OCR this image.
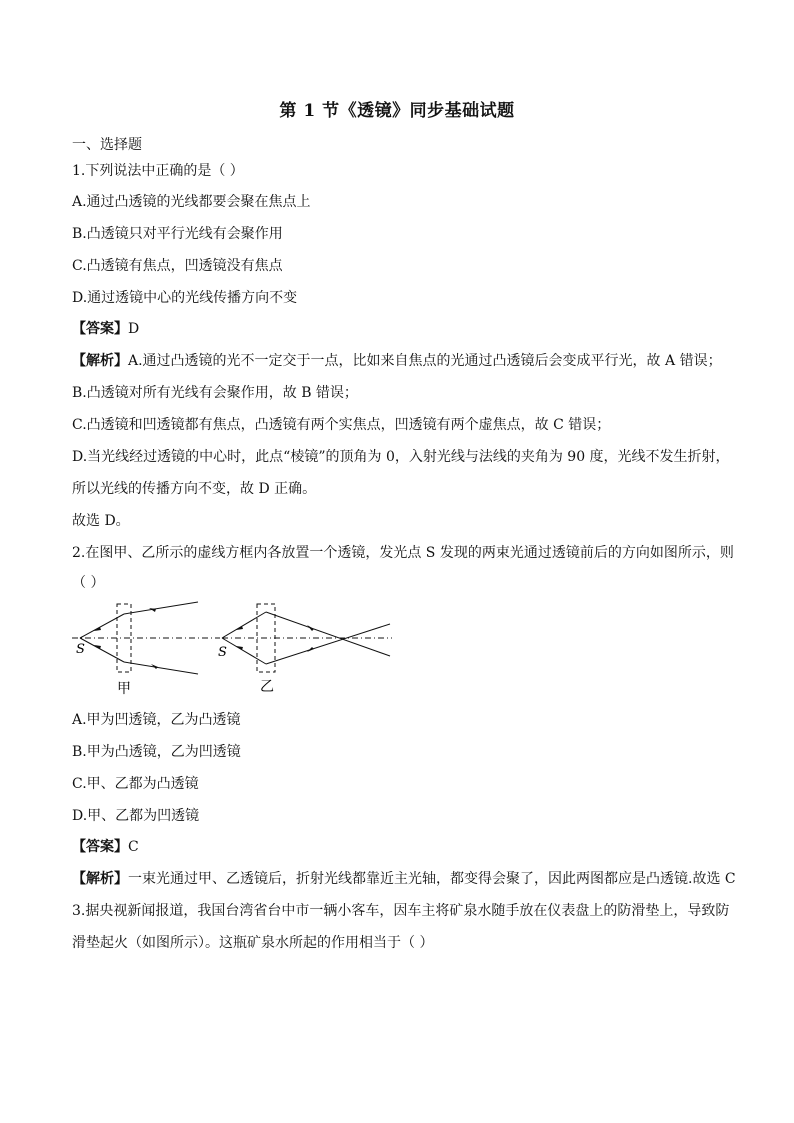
第 1 节《透镜》同步基础试题
一、选择题
1.下列说法中正确的是（ ）
A.通过凸透镜的光线都要会聚在焦点上
B.凸透镜只对平行光线有会聚作用
C.凸透镜有焦点，凹透镜没有焦点
D.通过透镜中心的光线传播方向不变
【答案】D
【解析】A.通过凸透镜的光不一定交于一点，比如来自焦点的光通过凸透镜后会变成平行光，故 A 错误；
B.凸透镜对所有光线有会聚作用，故 B 错误；
C.凸透镜和凹透镜都有焦点，凸透镜有两个实焦点，凹透镜有两个虚焦点，故 C 错误；
D.当光线经过透镜的中心时，此点“棱镜”的顶角为 0，入射光线与法线的夹角为 90 度，光线不发生折射，
所以光线的传播方向不变，故 D 正确。
故选 D。
2.在图甲、乙所示的虚线方框内各放置一个透镜，发光点 S 发现的两束光通过透镜前后的方向如图所示，则
（ ）
S
甲
S
乙
A.甲为凹透镜，乙为凸透镜
B.甲为凸透镜，乙为凹透镜
C.甲、乙都为凸透镜
D.甲、乙都为凹透镜
【答案】C
【解析】一束光通过甲、乙透镜后，折射光线都靠近主光轴，都变得会聚了，因此两图都应是凸透镜.故选 C
3.据央视新闻报道，我国台湾省台中市一辆小客车，因车主将矿泉水随手放在仪表盘上的防滑垫上，导致防
滑垫起火（如图所示）。这瓶矿泉水所起的作用相当于（ ）
